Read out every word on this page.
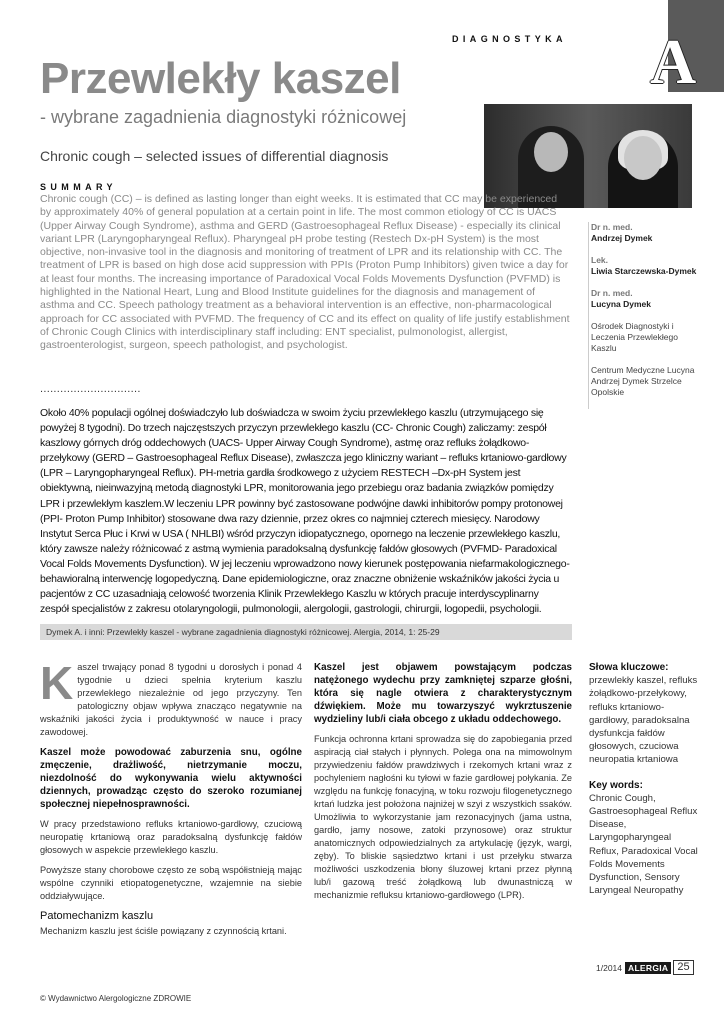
A
DIAGNOSTYKA
Przewlekły kaszel
- wybrane zagadnienia diagnostyki różnicowej
Chronic cough – selected issues of differential diagnosis
SUMMARY
Chronic cough (CC) – is defined as lasting longer than eight weeks. It is estimated that CC may be experienced by approximately 40% of general population at a certain point in life. The most common etiology of CC is UACS (Upper Airway Cough Syndrome), asthma and GERD (Gastroesophageal Reflux Disease) - especially its clinical variant LPR (Laryngopharyngeal Reflux). Pharyngeal pH probe testing (Restech Dx-pH System) is the most objective, non-invasive tool in the diagnosis and monitoring of treatment of LPR and its relationship with CC. The treatment of LPR is based on high dose acid suppression with PPIs (Proton Pump Inhibitors) given twice a day for at least four months. The increasing importance of Paradoxical Vocal Folds Movements Dysfunction (PVFMD) is highlighted in the National Heart, Lung and Blood Institute guidelines for the diagnosis and management of asthma and CC. Speech pathology treatment as a behavioral intervention is an effective, non-pharmacological approach for CC associated with PVFMD. The frequency of CC and its effect on quality of life justify establishment of Chronic Cough Clinics with interdisciplinary staff including: ENT specialist, pulmonologist, allergist, gastroenterologist, surgeon, speech pathologist, and psychologist.
..............................
Dr n. med.
Andrzej Dymek
Lek.
Liwia Starczewska-Dymek
Dr n. med.
Lucyna Dymek
Ośrodek Diagnostyki i Leczenia Przewlekłego Kaszlu
Centrum Medyczne Lucyna Andrzej Dymek Strzelce Opolskie
Około 40% populacji ogólnej doświadczyło lub doświadcza w swoim życiu przewlekłego kaszlu (utrzymującego się powyżej 8 tygodni). Do trzech najczęstszych przyczyn przewlekłego kaszlu (CC- Chronic Cough) zaliczamy: zespół kaszlowy górnych dróg oddechowych (UACS- Upper Airway Cough Syndrome), astmę oraz refluks żołądkowo-przełykowy (GERD – Gastroesophageal Reflux Disease), zwłaszcza jego kliniczny wariant – refluks krtaniowo-gardłowy (LPR – Laryngopharyngeal Reflux). PH-metria gardła środkowego z użyciem RESTECH –Dx-pH System jest obiektywną, nieinwazyjną metodą diagnostyki LPR, monitorowania jego przebiegu oraz badania związków pomiędzy LPR i przewlekłym kaszlem.W leczeniu LPR powinny być zastosowane podwójne dawki inhibitorów pompy protonowej (PPI- Proton Pump Inhibitor) stosowane dwa razy dziennie, przez okres co najmniej czterech miesięcy. Narodowy Instytut Serca Płuc i Krwi w USA ( NHLBI) wśród przyczyn idiopatycznego, opornego na leczenie przewlekłego kaszlu, który zawsze należy różnicować z astmą wymienia paradoksalną dysfunkcję fałdów głosowych (PVFMD- Paradoxical Vocal Folds Movements Dysfunction). W jej leczeniu wprowadzono nowy kierunek postępowania niefarmakologicznego- behawioralną interwencję logopedyczną. Dane epidemiologiczne, oraz znaczne obniżenie wskaźników jakości życia u pacjentów z CC uzasadniają celowość tworzenia Klinik Przewlekłego Kaszlu w których pracuje interdyscyplinarny zespół specjalistów z zakresu otolaryngologii, pulmonologii, alergologii, gastrologii, chirurgii, logopedii, psychologii.
Dymek A. i inni: Przewlekły kaszel - wybrane zagadnienia diagnostyki różnicowej. Alergia, 2014, 1: 25-29

Kaszel trwający ponad 8 tygodni u dorosłych i ponad 4 tygodnie u dzieci spełnia kryterium kaszlu przewlekłego niezależnie od jego przyczyny. Ten patologiczny objaw wpływa znacząco negatywnie na wskaźniki jakości życia i produktywność w nauce i pracy zawodowej.

Kaszel może powodować zaburzenia snu, ogólne zmęczenie, drażliwość, nietrzymanie moczu, niezdolność do wykonywania wielu aktywności dziennych, prowadząc często do szeroko rozumianej społecznej niepełnosprawności.

W pracy przedstawiono refluks krtaniowo-gardłowy, czuciową neuropatię krtaniową oraz paradoksalną dysfunkcję fałdów głosowych w aspekcie przewlekłego kaszlu.

Powyższe stany chorobowe często ze sobą współistnieją mając wspólne czynniki etiopatogenetyczne, wzajemnie na siebie oddziaływujące.

Patomechanizm kaszlu

Mechanizm kaszlu jest ściśle powiązany z czynnością krtani.

Kaszel jest objawem powstającym podczas natężonego wydechu przy zamkniętej szparze głośni, która się nagle otwiera z charakterystycznym dźwiękiem. Może mu towarzyszyć wykrztuszenie wydzieliny lub/i ciała obcego z układu oddechowego.

Funkcja ochronna krtani sprowadza się do zapobiegania przed aspiracją ciał stałych i płynnych. Polega ona na mimowolnym przywiedzeniu fałdów prawdziwych i rzekomych krtani wraz z pochyleniem nagłośni ku tyłowi w fazie gardłowej połykania. Ze względu na funkcję fonacyjną, w toku rozwoju filogenetycznego krtań ludzka jest położona najniżej w szyi z wszystkich ssaków. Umożliwia to wykorzystanie jam rezonacyjnych (jama ustna, gardło, jamy nosowe, zatoki przynosowe) oraz struktur anatomicznych odpowiedzialnych za artykulację (język, wargi, zęby). To bliskie sąsiedztwo krtani i ust przełyku stwarza możliwości uszkodzenia błony śluzowej krtani przez płynną lub/i gazową treść żołądkową lub dwunastniczą w mechanizmie refluksu krtaniowo-gardłowego (LPR).

Słowa kluczowe:
przewlekły kaszel, refluks żołądkowo-przełykowy, refluks krtaniowo-gardłowy, paradoksalna dysfunkcja fałdów głosowych, czuciowa neuropatia krtaniowa
Key words:
Chronic Cough, Gastroesophageal Reflux Disease, Laryngopharyngeal Reflux, Paradoxical Vocal Folds Movements Dysfunction, Sensory Laryngeal Neuropathy
1/2014 ALERGIA 25
© Wydawnictwo Alergologiczne ZDROWIE
